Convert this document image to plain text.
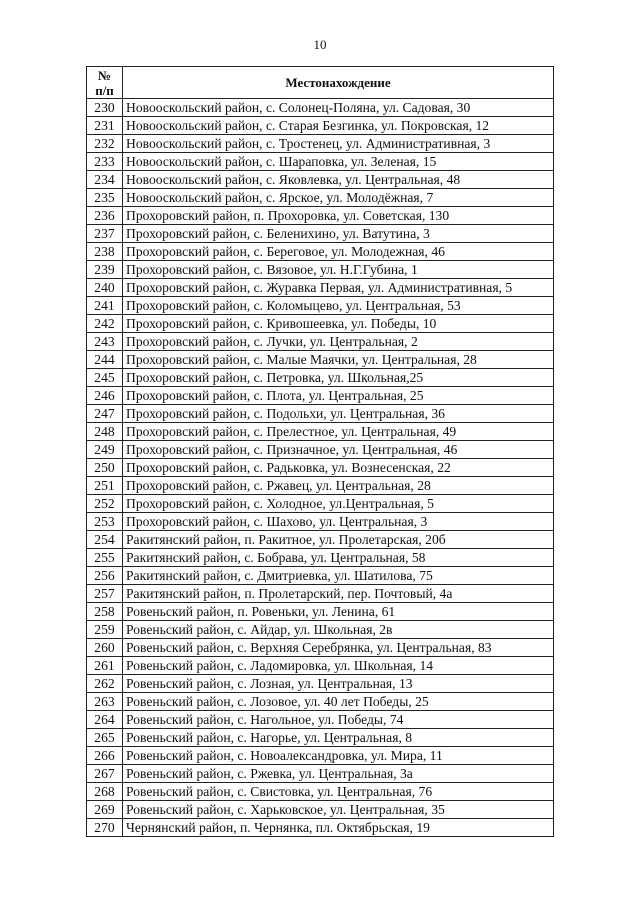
10
№
п/п	Местонахождение
230	Новооскольский район, с. Солонец-Поляна, ул. Садовая, 30
231	Новооскольский район, с. Старая Безгинка, ул. Покровская, 12
232	Новооскольский район, с. Тростенец, ул. Административная, 3
233	Новооскольский район, с. Шараповка, ул. Зеленая, 15
234	Новооскольский район, с. Яковлевка, ул. Центральная, 48
235	Новооскольский район, с. Ярское, ул. Молодёжная, 7
236	Прохоровский район, п. Прохоровка, ул. Советская, 130
237	Прохоровский район, с. Беленихино, ул. Ватутина, 3
238	Прохоровский район, с. Береговое, ул. Молодежная, 46
239	Прохоровский район, с. Вязовое, ул. Н.Г.Губина, 1
240	Прохоровский район, с. Журавка Первая, ул. Административная, 5
241	Прохоровский район, с. Коломыцево, ул. Центральная, 53
242	Прохоровский район, с. Кривошеевка, ул. Победы, 10
243	Прохоровский район, с. Лучки, ул. Центральная, 2
244	Прохоровский район, с. Малые Маячки, ул. Центральная, 28
245	Прохоровский район, с. Петровка, ул. Школьная,25
246	Прохоровский район, с. Плота, ул. Центральная, 25
247	Прохоровский район, с. Подольхи, ул. Центральная, 36
248	Прохоровский район, с. Прелестное, ул. Центральная, 49
249	Прохоровский район, с. Призначное, ул. Центральная, 46
250	Прохоровский район, с. Радьковка, ул. Вознесенская, 22
251	Прохоровский район, с. Ржавец, ул. Центральная, 28
252	Прохоровский район, с. Холодное, ул.Центральная, 5
253	Прохоровский район, с. Шахово, ул. Центральная, 3
254	Ракитянский район, п. Ракитное, ул. Пролетарская, 20б
255	Ракитянский район, с. Бобрава, ул. Центральная, 58
256	Ракитянский район, с. Дмитриевка, ул. Шатилова, 75
257	Ракитянский район, п. Пролетарский, пер. Почтовый, 4а
258	Ровеньский район, п. Ровеньки, ул. Ленина, 61
259	Ровеньский район, с. Айдар, ул. Школьная, 2в
260	Ровеньский район, с. Верхняя Серебрянка, ул. Центральная, 83
261	Ровеньский район, с. Ладомировка, ул. Школьная, 14
262	Ровеньский район, с. Лозная, ул. Центральная, 13
263	Ровеньский район, с. Лозовое, ул. 40 лет Победы, 25
264	Ровеньский район, с. Нагольное, ул. Победы, 74
265	Ровеньский район, с. Нагорье, ул. Центральная, 8
266	Ровеньский район, с. Новоалександровка, ул. Мира, 11
267	Ровеньский район, с. Ржевка, ул. Центральная, 3а
268	Ровеньский район, с. Свистовка, ул. Центральная, 76
269	Ровеньский район, с. Харьковское, ул. Центральная, 35
270	Чернянский район, п. Чернянка, пл. Октябрьская, 19
